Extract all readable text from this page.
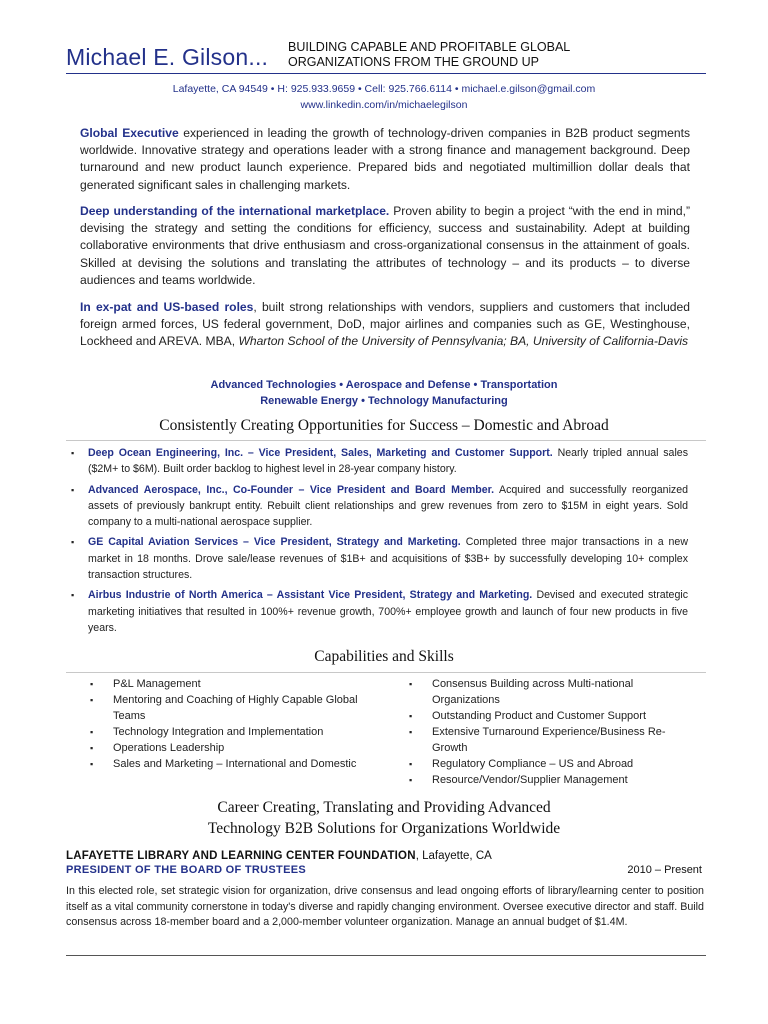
Michael E. Gilson... BUILDING CAPABLE AND PROFITABLE GLOBAL
ORGANIZATIONS FROM THE GROUND UP
Lafayette, CA 94549 • H: 925.933.9659 • Cell: 925.766.6114 • michael.e.gilson@gmail.com
www.linkedin.com/in/michaelegilson

Global Executive experienced in leading the growth of technology-driven companies in B2B product segments worldwide. Innovative strategy and operations leader with a strong finance and management background. Deep turnaround and new product launch experience. Prepared bids and negotiated multimillion dollar deals that generated significant sales in challenging markets.

Deep understanding of the international marketplace. Proven ability to begin a project “with the end in mind,” devising the strategy and setting the conditions for efficiency, success and sustainability. Adept at building collaborative environments that drive enthusiasm and cross-organizational consensus in the attainment of goals. Skilled at devising the solutions and translating the attributes of technology – and its products – to diverse audiences and teams worldwide.

In ex-pat and US-based roles, built strong relationships with vendors, suppliers and customers that included foreign armed forces, US federal government, DoD, major airlines and companies such as GE, Westinghouse, Lockheed and AREVA. MBA, Wharton School of the University of Pennsylvania; BA, University of California-Davis

Advanced Technologies • Aerospace and Defense • Transportation
Renewable Energy • Technology Manufacturing
Consistently Creating Opportunities for Success – Domestic and Abroad
▪ Deep Ocean Engineering, Inc. – Vice President, Sales, Marketing and Customer Support. Nearly tripled annual sales ($2M+ to $6M). Built order backlog to highest level in 28-year company history.
▪ Advanced Aerospace, Inc., Co-Founder – Vice President and Board Member. Acquired and successfully reorganized assets of previously bankrupt entity. Rebuilt client relationships and grew revenues from zero to $15M in eight years. Sold company to a multi-national aerospace supplier.
▪ GE Capital Aviation Services – Vice President, Strategy and Marketing. Completed three major transactions in a new market in 18 months. Drove sale/lease revenues of $1B+ and acquisitions of $3B+ by successfully developing 10+ complex transaction structures.
▪ Airbus Industrie of North America – Assistant Vice President, Strategy and Marketing. Devised and executed strategic marketing initiatives that resulted in 100%+ revenue growth, 700%+ employee growth and launch of four new products in five years.
Capabilities and Skills
▪ P&L Management
▪ Mentoring and Coaching of Highly Capable Global Teams
▪ Technology Integration and Implementation
▪ Operations Leadership
▪ Sales and Marketing – International and Domestic
▪ Consensus Building across Multi-national Organizations
▪ Outstanding Product and Customer Support
▪ Extensive Turnaround Experience/Business Re-Growth
▪ Regulatory Compliance – US and Abroad
▪ Resource/Vendor/Supplier Management
Career Creating, Translating and Providing Advanced
Technology B2B Solutions for Organizations Worldwide
LAFAYETTE LIBRARY AND LEARNING CENTER FOUNDATION, Lafayette, CA
PRESIDENT OF THE BOARD OF TRUSTEES	2010 – Present
In this elected role, set strategic vision for organization, drive consensus and lead ongoing efforts of library/learning center to position itself as a vital community cornerstone in today's diverse and rapidly changing environment. Oversee executive director and staff. Build consensus across 18-member board and a 2,000-member volunteer organization. Manage an annual budget of $1.4M.
